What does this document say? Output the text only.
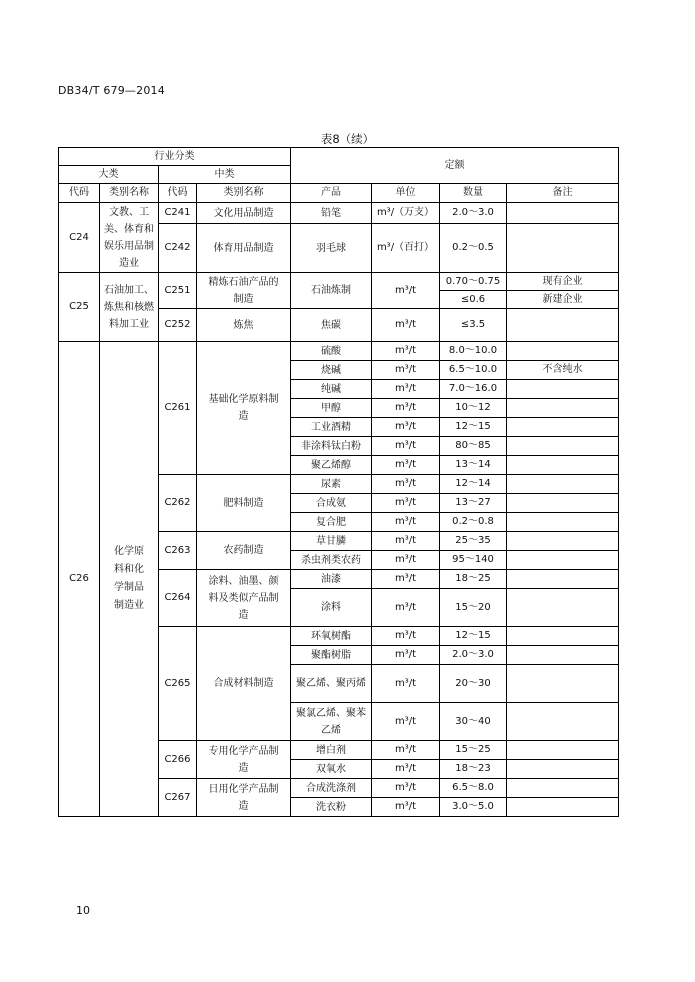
DB34/T 679—2014
表8（续）
行业分类				定额			
大类		中类					
代码	类别名称	代码	类别名称	产品	单位	数量	备注
C24	文教、工美、体育和娱乐用品制造业	C241	文化用品制造	铅笔	m³/（万支）	2.0～3.0	
		C242	体育用品制造	羽毛球	m³/（百打）	0.2～0.5	
C25	石油加工、炼焦和核燃料加工业	C251	精炼石油产品的制造	石油炼制	m³/t	0.70～0.75	现有企业
						≤0.6	新建企业
		C252	炼焦	焦碳	m³/t	≤3.5	
C26	化学原料和化学制品制造业	C261	基础化学原料制造	硫酸	m³/t	8.0～10.0	
				烧碱	m³/t	6.5～10.0	不含纯水
				纯碱	m³/t	7.0～16.0	
				甲醇	m³/t	10～12	
				工业酒精	m³/t	12～15	
				非涂料钛白粉	m³/t	80～85	
				聚乙烯醇	m³/t	13～14	
		C262	肥料制造	尿素	m³/t	12～14	
				合成氨	m³/t	13～27	
				复合肥	m³/t	0.2～0.8	
		C263	农药制造	草甘膦	m³/t	25～35	
				杀虫剂类农药	m³/t	95～140	
		C264	涂料、油墨、颜料及类似产品制造	油漆	m³/t	18～25	
				涂料	m³/t	15～20	
		C265	合成材料制造	环氧树酯	m³/t	12～15	
				聚酯树脂	m³/t	2.0～3.0	
				聚乙烯、聚丙烯	m³/t	20～30	
				聚氯乙烯、聚苯乙烯	m³/t	30～40	
		C266	专用化学产品制造	增白剂	m³/t	15～25	
				双氧水	m³/t	18～23	
		C267	日用化学产品制造	合成洗涤剂	m³/t	6.5～8.0	
				洗衣粉	m³/t	3.0～5.0	
10
